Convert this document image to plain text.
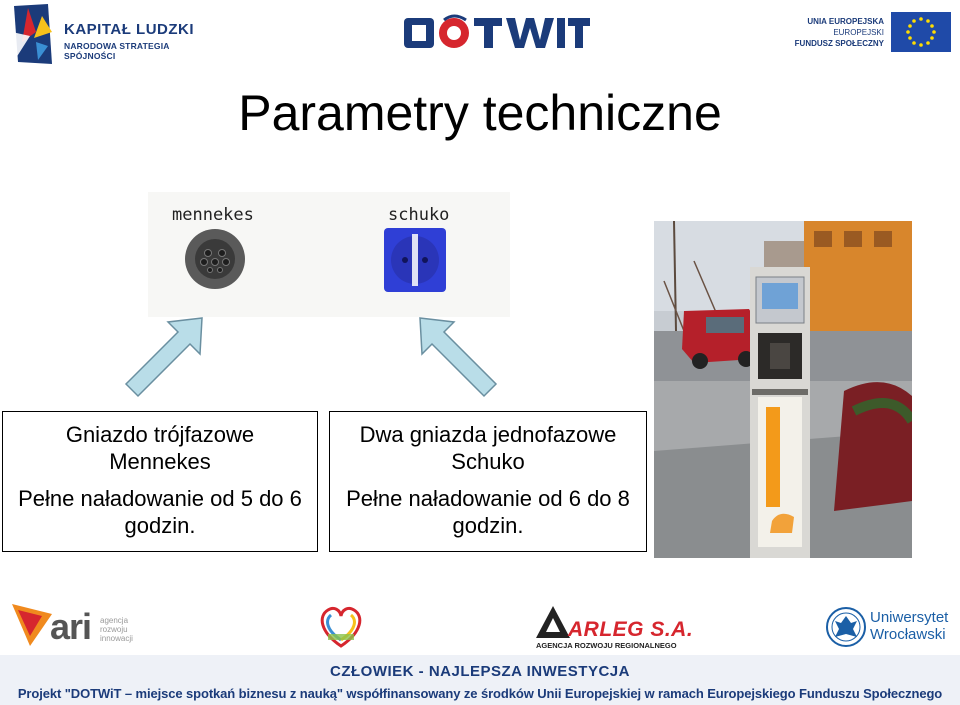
KAPITAŁ LUDZKI
NARODOWA STRATEGIA SPÓJNOŚCI
UNIA EUROPEJSKA
EUROPEJSKI
FUNDUSZ SPOŁECZNY
Parametry techniczne
mennekes	schuko

Gniazdo trójfazowe

Mennekes

Pełne naładowanie od 5 do 6 godzin.

Dwa gniazda jednofazowe

Schuko

Pełne naładowanie od 6 do 8 godzin.

ari agencja
rozwoju
innowacji	ARLEG S.A.
AGENCJA ROZWOJU REGIONALNEGO
Uniwersytet
Wrocławski
CZŁOWIEK - NAJLEPSZA INWESTYCJA
Projekt "DOTWiT – miejsce spotkań biznesu z nauką" współfinansowany ze środków Unii Europejskiej w ramach Europejskiego Funduszu Społecznego
